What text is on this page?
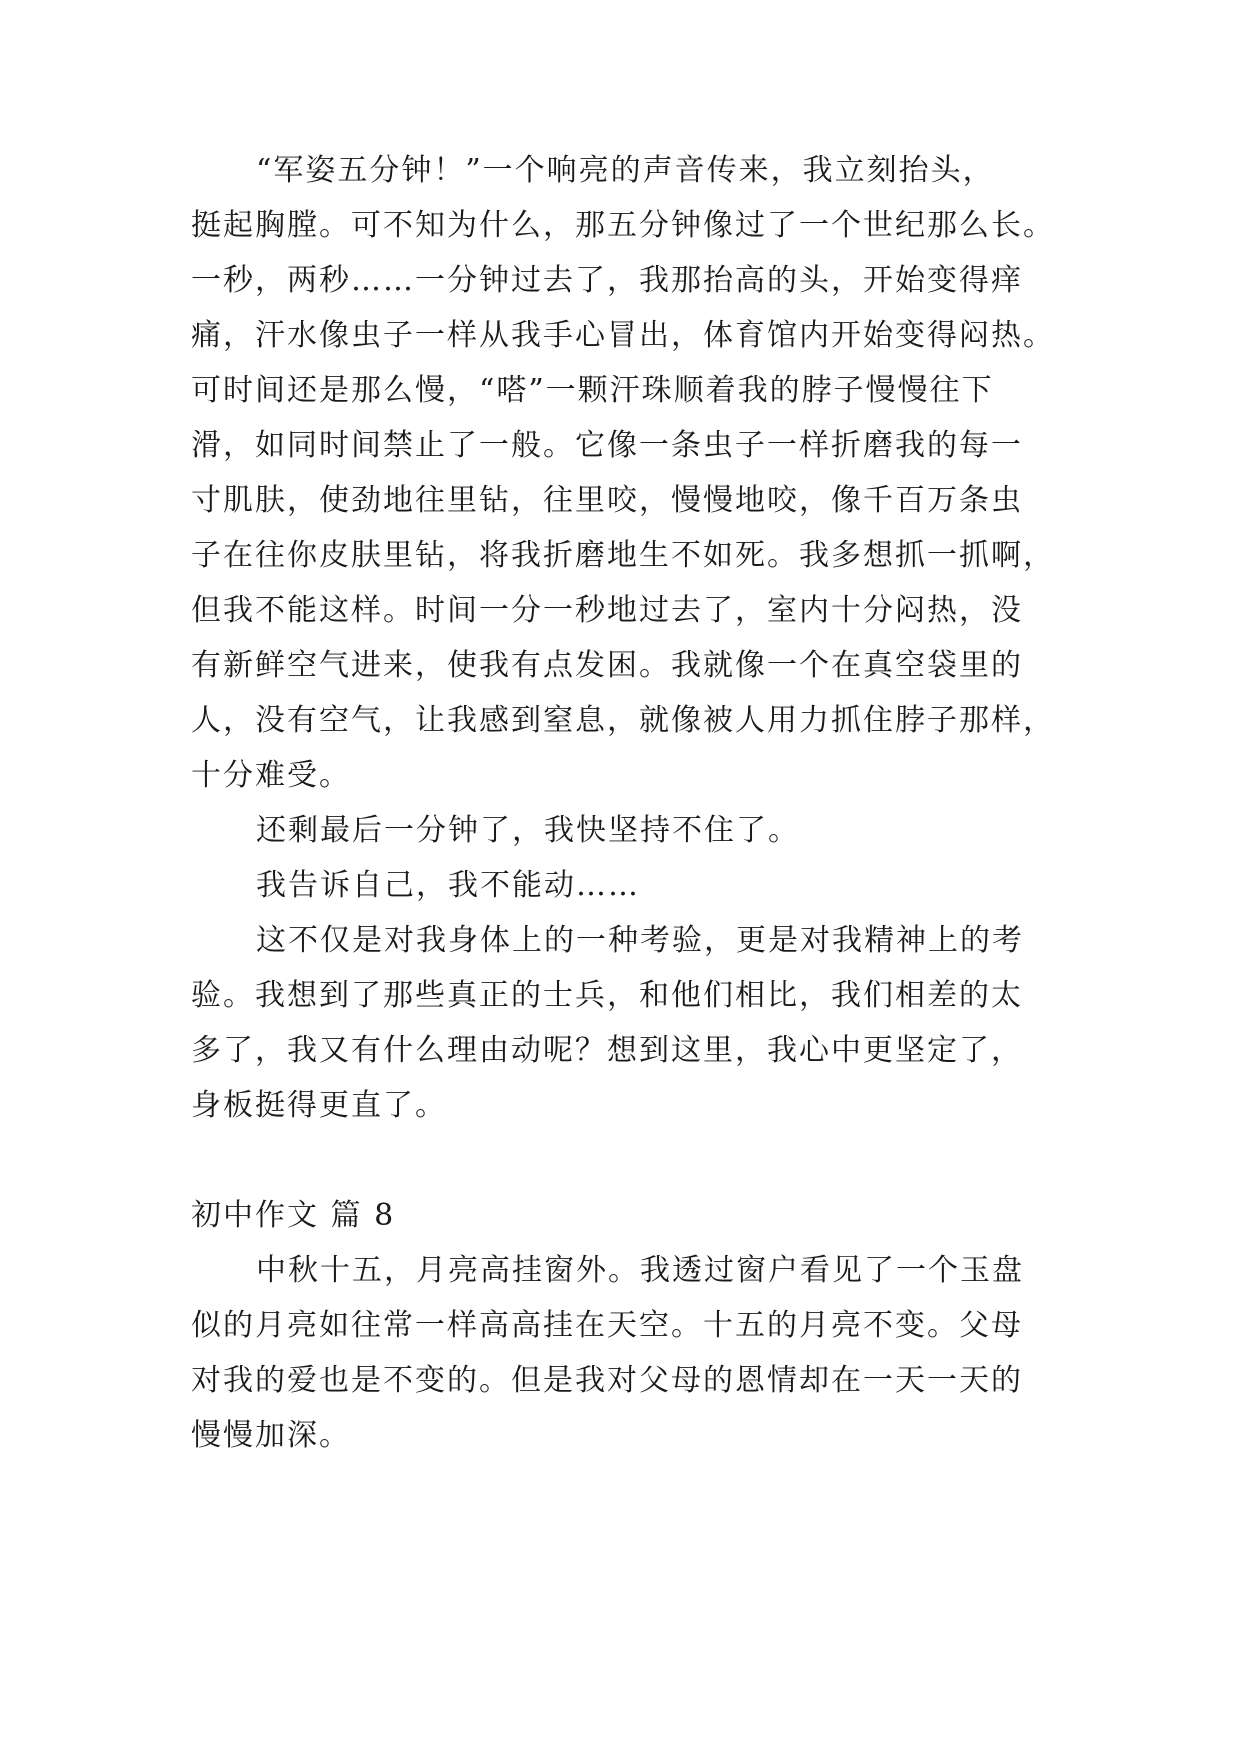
“军姿五分钟！”一个响亮的声音传来，我立刻抬头，

挺起胸膛。可不知为什么，那五分钟像过了一个世纪那么长。

一秒，两秒……一分钟过去了，我那抬高的头，开始变得痒

痛，汗水像虫子一样从我手心冒出，体育馆内开始变得闷热。

可时间还是那么慢，“嗒”一颗汗珠顺着我的脖子慢慢往下

滑，如同时间禁止了一般。它像一条虫子一样折磨我的每一

寸肌肤，使劲地往里钻，往里咬，慢慢地咬，像千百万条虫

子在往你皮肤里钻，将我折磨地生不如死。我多想抓一抓啊，

但我不能这样。时间一分一秒地过去了，室内十分闷热，没

有新鲜空气进来，使我有点发困。我就像一个在真空袋里的

人，没有空气，让我感到窒息，就像被人用力抓住脖子那样，

十分难受。

还剩最后一分钟了，我快坚持不住了。

我告诉自己，我不能动……

这不仅是对我身体上的一种考验，更是对我精神上的考

验。我想到了那些真正的士兵，和他们相比，我们相差的太

多了，我又有什么理由动呢？想到这里，我心中更坚定了，

身板挺得更直了。

初中作文 篇 8

中秋十五，月亮高挂窗外。我透过窗户看见了一个玉盘

似的月亮如往常一样高高挂在天空。十五的月亮不变。父母

对我的爱也是不变的。但是我对父母的恩情却在一天一天的

慢慢加深。
